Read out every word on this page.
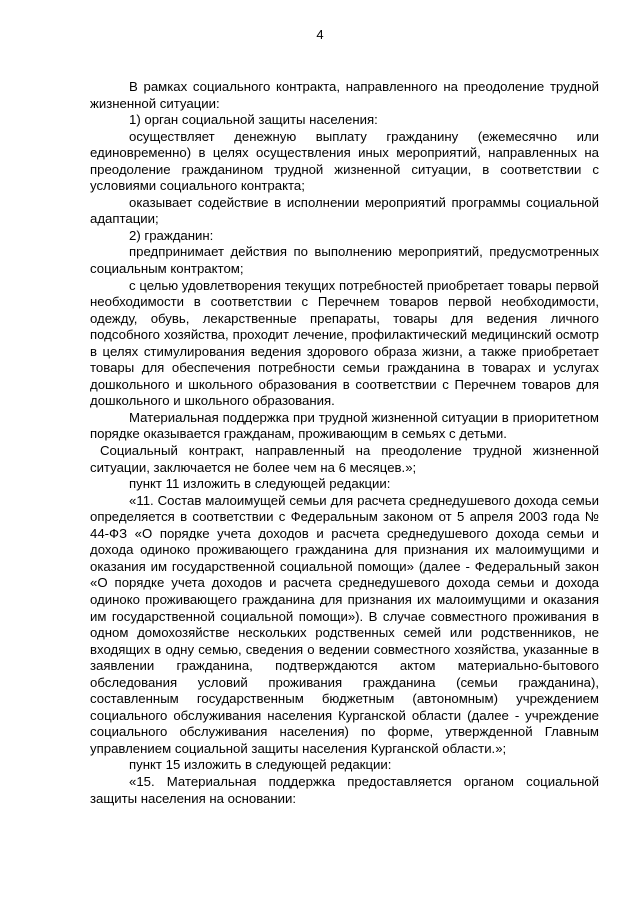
4

В рамках социального контракта, направленного на преодоление трудной жизненной ситуации:

1) орган социальной защиты населения:

осуществляет денежную выплату гражданину (ежемесячно или единовременно) в целях осуществления иных мероприятий, направленных на преодоление гражданином трудной жизненной ситуации, в соответствии с условиями социального контракта;

оказывает содействие в исполнении мероприятий программы социальной адаптации;

2) гражданин:

предпринимает действия по выполнению мероприятий, предусмотренных социальным контрактом;

с целью удовлетворения текущих потребностей приобретает товары первой необходимости в соответствии с Перечнем товаров первой необходимости, одежду, обувь, лекарственные препараты, товары для ведения личного подсобного хозяйства, проходит лечение, профилактический медицинский осмотр в целях стимулирования ведения здорового образа жизни, а также приобретает товары для обеспечения потребности семьи гражданина в товарах и услугах дошкольного и школьного образования в соответствии с Перечнем товаров для дошкольного и школьного образования.

Материальная поддержка при трудной жизненной ситуации в приоритетном порядке оказывается гражданам, проживающим в семьях с детьми.

Социальный контракт, направленный на преодоление трудной жизненной ситуации, заключается не более чем на 6 месяцев.»;

пункт 11 изложить в следующей редакции:

«11. Состав малоимущей семьи для расчета среднедушевого дохода семьи определяется в соответствии с Федеральным законом от 5 апреля 2003 года № 44-ФЗ «О порядке учета доходов и расчета среднедушевого дохода семьи и дохода одиноко проживающего гражданина для признания их малоимущими и оказания им государственной социальной помощи» (далее - Федеральный закон «О порядке учета доходов и расчета среднедушевого дохода семьи и дохода одиноко проживающего гражданина для признания их малоимущими и оказания им государственной социальной помощи»). В случае совместного проживания в одном домохозяйстве нескольких родственных семей или родственников, не входящих в одну семью, сведения о ведении совместного хозяйства, указанные в заявлении гражданина, подтверждаются актом материально-бытового обследования условий проживания гражданина (семьи гражданина), составленным государственным бюджетным (автономным) учреждением социального обслуживания населения Курганской области (далее - учреждение социального обслуживания населения) по форме, утвержденной Главным управлением социальной защиты населения Курганской области.»;

пункт 15 изложить в следующей редакции:

«15. Материальная поддержка предоставляется органом социальной защиты населения на основании:
